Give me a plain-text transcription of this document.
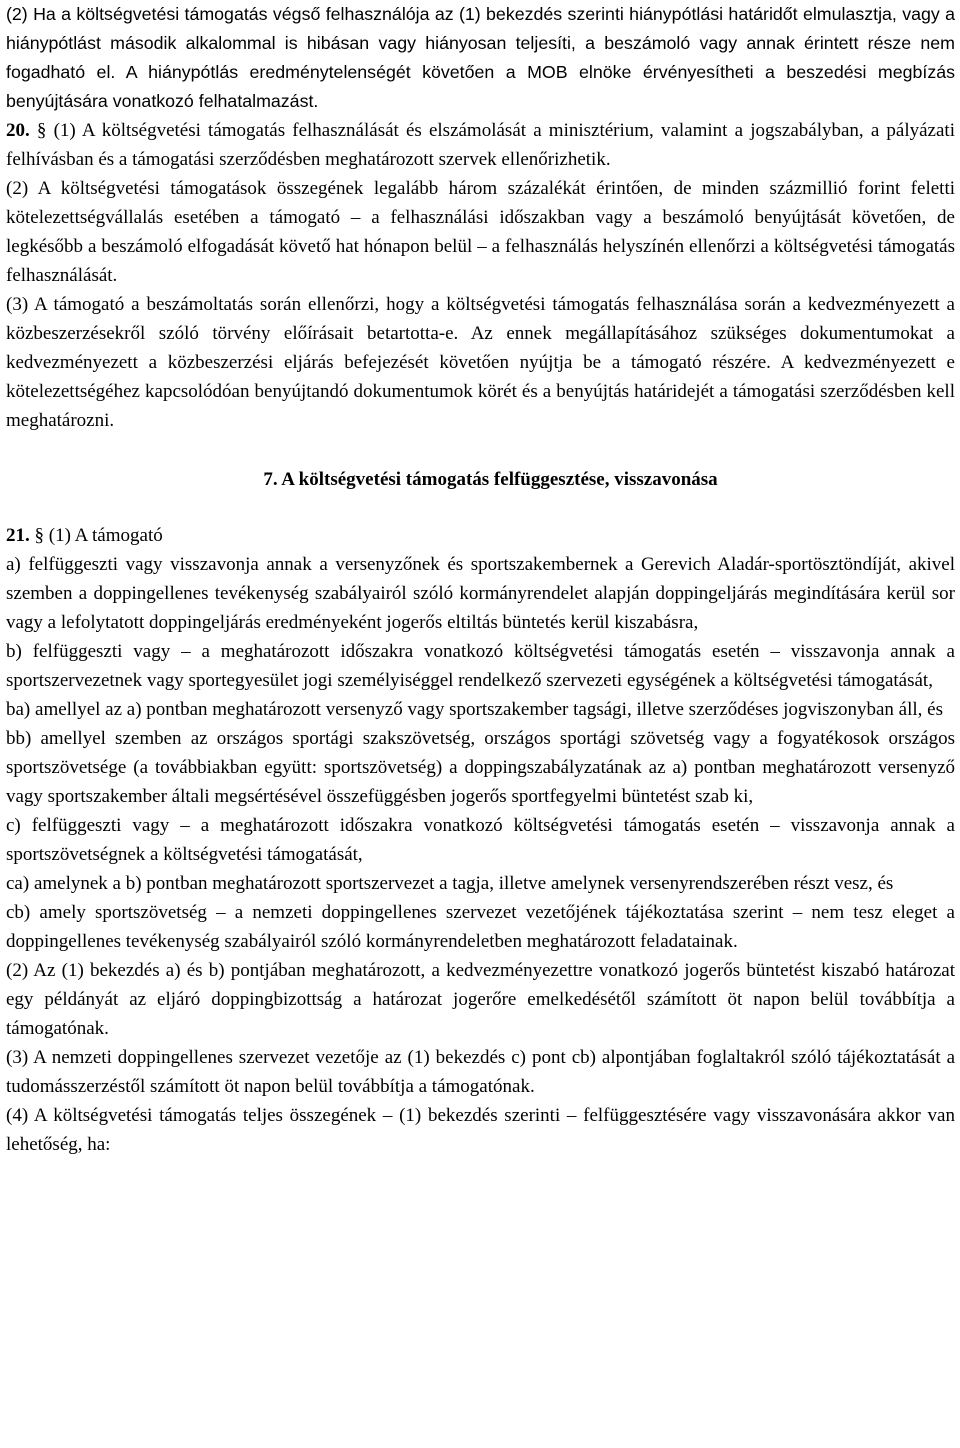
(2) Ha a költségvetési támogatás végső felhasználója az (1) bekezdés szerinti hiánypótlási határidőt elmulasztja, vagy a hiánypótlást második alkalommal is hibásan vagy hiányosan teljesíti, a beszámoló vagy annak érintett része nem fogadható el. A hiánypótlás eredménytelenségét követően a MOB elnöke érvényesítheti a beszedési megbízás benyújtására vonatkozó felhatalmazást.

20. § (1) A költségvetési támogatás felhasználását és elszámolását a minisztérium, valamint a jogszabályban, a pályázati felhívásban és a támogatási szerződésben meghatározott szervek ellenőrizhetik.

(2) A költségvetési támogatások összegének legalább három százalékát érintően, de minden százmillió forint feletti kötelezettségvállalás esetében a támogató – a felhasználási időszakban vagy a beszámoló benyújtását követően, de legkésőbb a beszámoló elfogadását követő hat hónapon belül – a felhasználás helyszínén ellenőrzi a költségvetési támogatás felhasználását.

(3) A támogató a beszámoltatás során ellenőrzi, hogy a költségvetési támogatás felhasználása során a kedvezményezett a közbeszerzésekről szóló törvény előírásait betartotta-e. Az ennek megállapításához szükséges dokumentumokat a kedvezményezett a közbeszerzési eljárás befejezését követően nyújtja be a támogató részére. A kedvezményezett e kötelezettségéhez kapcsolódóan benyújtandó dokumentumok körét és a benyújtás határidejét a támogatási szerződésben kell meghatározni.

7. A költségvetési támogatás felfüggesztése, visszavonása

21. § (1) A támogató

a) felfüggeszti vagy visszavonja annak a versenyzőnek és sportszakembernek a Gerevich Aladár-sportösztöndíját, akivel szemben a doppingellenes tevékenység szabályairól szóló kormányrendelet alapján doppingeljárás megindítására kerül sor vagy a lefolytatott doppingeljárás eredményeként jogerős eltiltás büntetés kerül kiszabásra,

b) felfüggeszti vagy – a meghatározott időszakra vonatkozó költségvetési támogatás esetén – visszavonja annak a sportszervezetnek vagy sportegyesület jogi személyiséggel rendelkező szervezeti egységének a költségvetési támogatását,

ba) amellyel az a) pontban meghatározott versenyző vagy sportszakember tagsági, illetve szerződéses jogviszonyban áll, és

bb) amellyel szemben az országos sportági szakszövetség, országos sportági szövetség vagy a fogyatékosok országos sportszövetsége (a továbbiakban együtt: sportszövetség) a doppingszabályzatának az a) pontban meghatározott versenyző vagy sportszakember általi megsértésével összefüggésben jogerős sportfegyelmi büntetést szab ki,

c) felfüggeszti vagy – a meghatározott időszakra vonatkozó költségvetési támogatás esetén – visszavonja annak a sportszövetségnek a költségvetési támogatását,

ca) amelynek a b) pontban meghatározott sportszervezet a tagja, illetve amelynek versenyrendszerében részt vesz, és

cb) amely sportszövetség – a nemzeti doppingellenes szervezet vezetőjének tájékoztatása szerint – nem tesz eleget a doppingellenes tevékenység szabályairól szóló kormányrendeletben meghatározott feladatainak.

(2) Az (1) bekezdés a) és b) pontjában meghatározott, a kedvezményezettre vonatkozó jogerős büntetést kiszabó határozat egy példányát az eljáró doppingbizottság a határozat jogerőre emelkedésétől számított öt napon belül továbbítja a támogatónak.

(3) A nemzeti doppingellenes szervezet vezetője az (1) bekezdés c) pont cb) alpontjában foglaltakról szóló tájékoztatását a tudomásszerzéstől számított öt napon belül továbbítja a támogatónak.

(4) A költségvetési támogatás teljes összegének – (1) bekezdés szerinti – felfüggesztésére vagy visszavonására akkor van lehetőség, ha:
